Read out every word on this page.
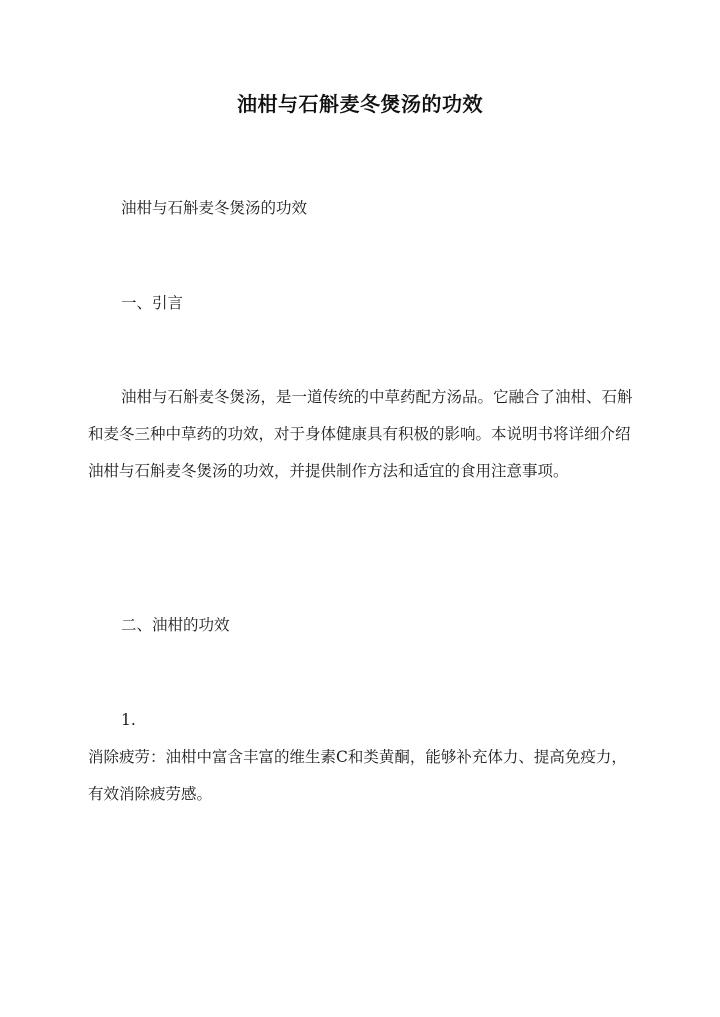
油柑与石斛麦冬煲汤的功效

油柑与石斛麦冬煲汤的功效

一、引言

油柑与石斛麦冬煲汤，是一道传统的中草药配方汤品。它融合了油柑、石斛和麦冬三种中草药的功效，对于身体健康具有积极的影响。本说明书将详细介绍油柑与石斛麦冬煲汤的功效，并提供制作方法和适宜的食用注意事项。

二、油柑的功效

1.

消除疲劳：油柑中富含丰富的维生素C和类黄酮，能够补充体力、提高免疫力，有效消除疲劳感。
